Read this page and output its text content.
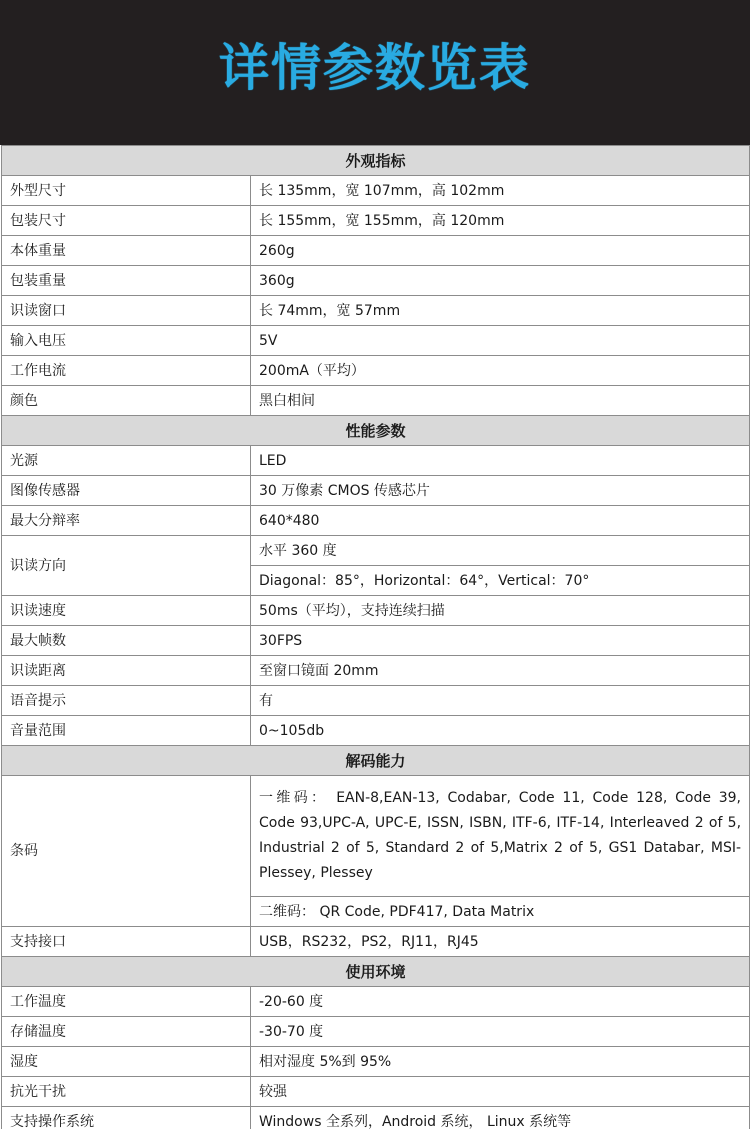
详情参数览表
外观指标	
外型尺寸	长 135mm，宽 107mm，高 102mm
包装尺寸	长 155mm，宽 155mm，高 120mm
本体重量	260g
包装重量	360g
识读窗口	长 74mm，宽 57mm
输入电压	5V
工作电流	200mA（平均）
颜色	黑白相间
性能参数	
光源	LED
图像传感器	30 万像素 CMOS 传感芯片
最大分辩率	640*480
识读方向	水平 360 度
	Diagonal：85°，Horizontal：64°，Vertical：70°
识读速度	50ms（平均），支持连续扫描
最大帧数	30FPS
识读距离	至窗口镜面 20mm
语音提示	有
音量范围	0~105db
解码能力	
条码	一维码： EAN-8,EAN-13, Codabar, Code 11, Code 128, Code 39, Code 93,UPC-A, UPC-E, ISSN, ISBN, ITF-6, ITF-14, Interleaved 2 of 5, Industrial 2 of 5, Standard 2 of 5,Matrix 2 of 5, GS1 Databar, MSI-Plessey, Plessey
	二维码： QR Code, PDF417, Data Matrix
支持接口	USB，RS232，PS2，RJ11，RJ45
使用环境	
工作温度	-20-60 度
存储温度	-30-70 度
湿度	相对湿度 5%到 95%
抗光干扰	较强
支持操作系统	Windows 全系列，Android 系统， Linux 系统等
